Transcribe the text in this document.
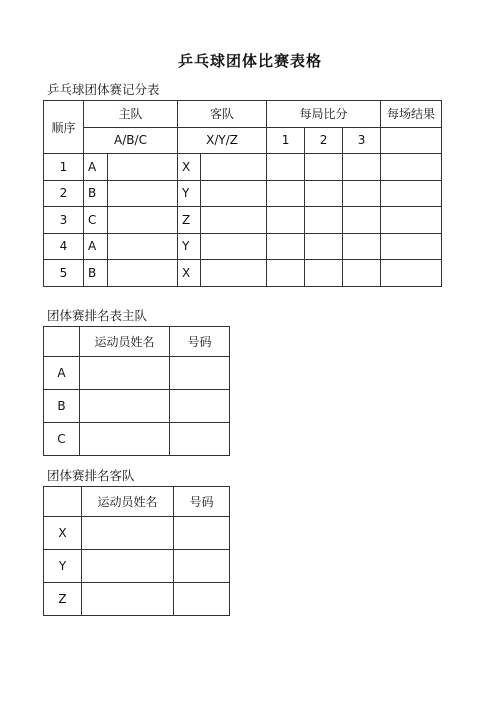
乒乓球团体比赛表格
乒乓球团体赛记分表
顺序	主队		客队		每局比分			每场结果
	A/B/C		X/Y/Z		1	2	3	
1	A		X					
2	B		Y					
3	C		Z					
4	A		Y					
5	B		X					
团体赛排名表主队
	运动员姓名	号码
A		
B		
C		
团体赛排名客队
	运动员姓名	号码
X		
Y		
Z		
